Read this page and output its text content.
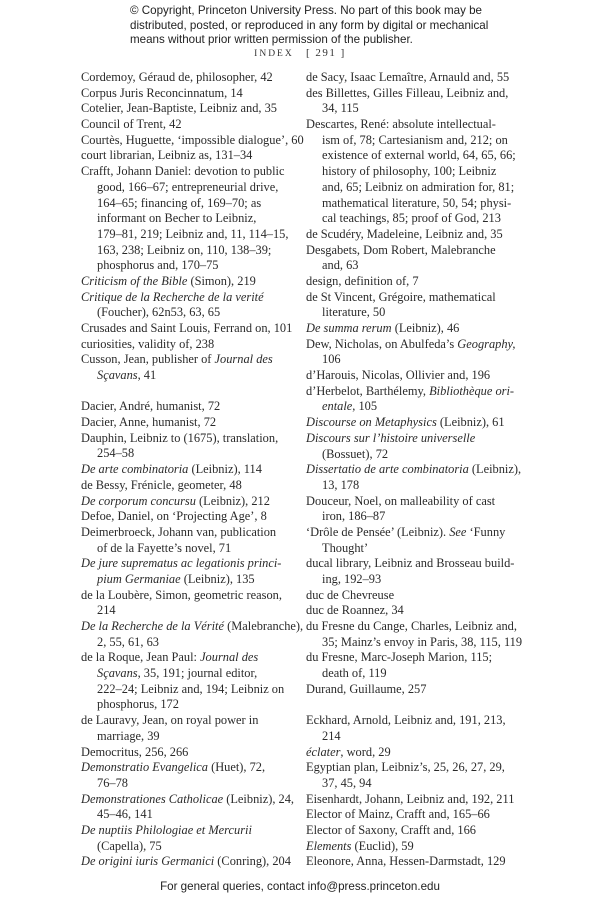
© Copyright, Princeton University Press. No part of this book may be
distributed, posted, or reproduced in any form by digital or mechanical
means without prior written permission of the publisher.
INDEX [ 291 ]
Cordemoy, Géraud de, philosopher, 42
Corpus Juris Reconcinnatum, 14
Cotelier, Jean-Baptiste, Leibniz and, 35
Council of Trent, 42
Courtès, Huguette, ‘impossible dialogue’, 60
court librarian, Leibniz as, 131–34
Crafft, Johann Daniel: devotion to public
good, 166–67; entrepreneurial drive,
164–65; financing of, 169–70; as
informant on Becher to Leibniz,
179–81, 219; Leibniz and, 11, 114–15,
163, 238; Leibniz on, 110, 138–39;
phosphorus and, 170–75
Criticism of the Bible (Simon), 219
Critique de la Recherche de la verité
(Foucher), 62n53, 63, 65
Crusades and Saint Louis, Ferrand on, 101
curiosities, validity of, 238
Cusson, Jean, publisher of Journal des
Sçavans, 41
Dacier, André, humanist, 72
Dacier, Anne, humanist, 72
Dauphin, Leibniz to (1675), translation,
254–58
De arte combinatoria (Leibniz), 114
de Bessy, Frénicle, geometer, 48
De corporum concursu (Leibniz), 212
Defoe, Daniel, on ‘Projecting Age’, 8
Deimerbroeck, Johann van, publication
of de la Fayette’s novel, 71
De jure suprematus ac legationis princi-
pium Germaniae (Leibniz), 135
de la Loubère, Simon, geometric reason,
214
De la Recherche de la Vérité (Malebranche),
2, 55, 61, 63
de la Roque, Jean Paul: Journal des
Sçavans, 35, 191; journal editor,
222–24; Leibniz and, 194; Leibniz on
phosphorus, 172
de Lauravy, Jean, on royal power in
marriage, 39
Democritus, 256, 266
Demonstratio Evangelica (Huet), 72,
76–78
Demonstrationes Catholicae (Leibniz), 24,
45–46, 141
De nuptiis Philologiae et Mercurii
(Capella), 75
De origini iuris Germanici (Conring), 204
de Sacy, Isaac Lemaître, Arnauld and, 55
des Billettes, Gilles Filleau, Leibniz and,
34, 115
Descartes, René: absolute intellectual-
ism of, 78; Cartesianism and, 212; on
existence of external world, 64, 65, 66;
history of philosophy, 100; Leibniz
and, 65; Leibniz on admiration for, 81;
mathematical literature, 50, 54; physi-
cal teachings, 85; proof of God, 213
de Scudéry, Madeleine, Leibniz and, 35
Desgabets, Dom Robert, Malebranche
and, 63
design, definition of, 7
de St Vincent, Grégoire, mathematical
literature, 50
De summa rerum (Leibniz), 46
Dew, Nicholas, on Abulfeda’s Geography,
106
d’Harouis, Nicolas, Ollivier and, 196
d’Herbelot, Barthélemy, Bibliothèque ori-
entale, 105
Discourse on Metaphysics (Leibniz), 61
Discours sur l’histoire universelle
(Bossuet), 72
Dissertatio de arte combinatoria (Leibniz),
13, 178
Douceur, Noel, on malleability of cast
iron, 186–87
‘Drôle de Pensée’ (Leibniz). See ‘Funny
Thought’
ducal library, Leibniz and Brosseau build-
ing, 192–93
duc de Chevreuse
duc de Roannez, 34
du Fresne du Cange, Charles, Leibniz and,
35; Mainz’s envoy in Paris, 38, 115, 119
du Fresne, Marc-Joseph Marion, 115;
death of, 119
Durand, Guillaume, 257
Eckhard, Arnold, Leibniz and, 191, 213,
214
éclater, word, 29
Egyptian plan, Leibniz’s, 25, 26, 27, 29,
37, 45, 94
Eisenhardt, Johann, Leibniz and, 192, 211
Elector of Mainz, Crafft and, 165–66
Elector of Saxony, Crafft and, 166
Elements (Euclid), 59
Eleonore, Anna, Hessen-Darmstadt, 129
For general queries, contact info@press.princeton.edu
